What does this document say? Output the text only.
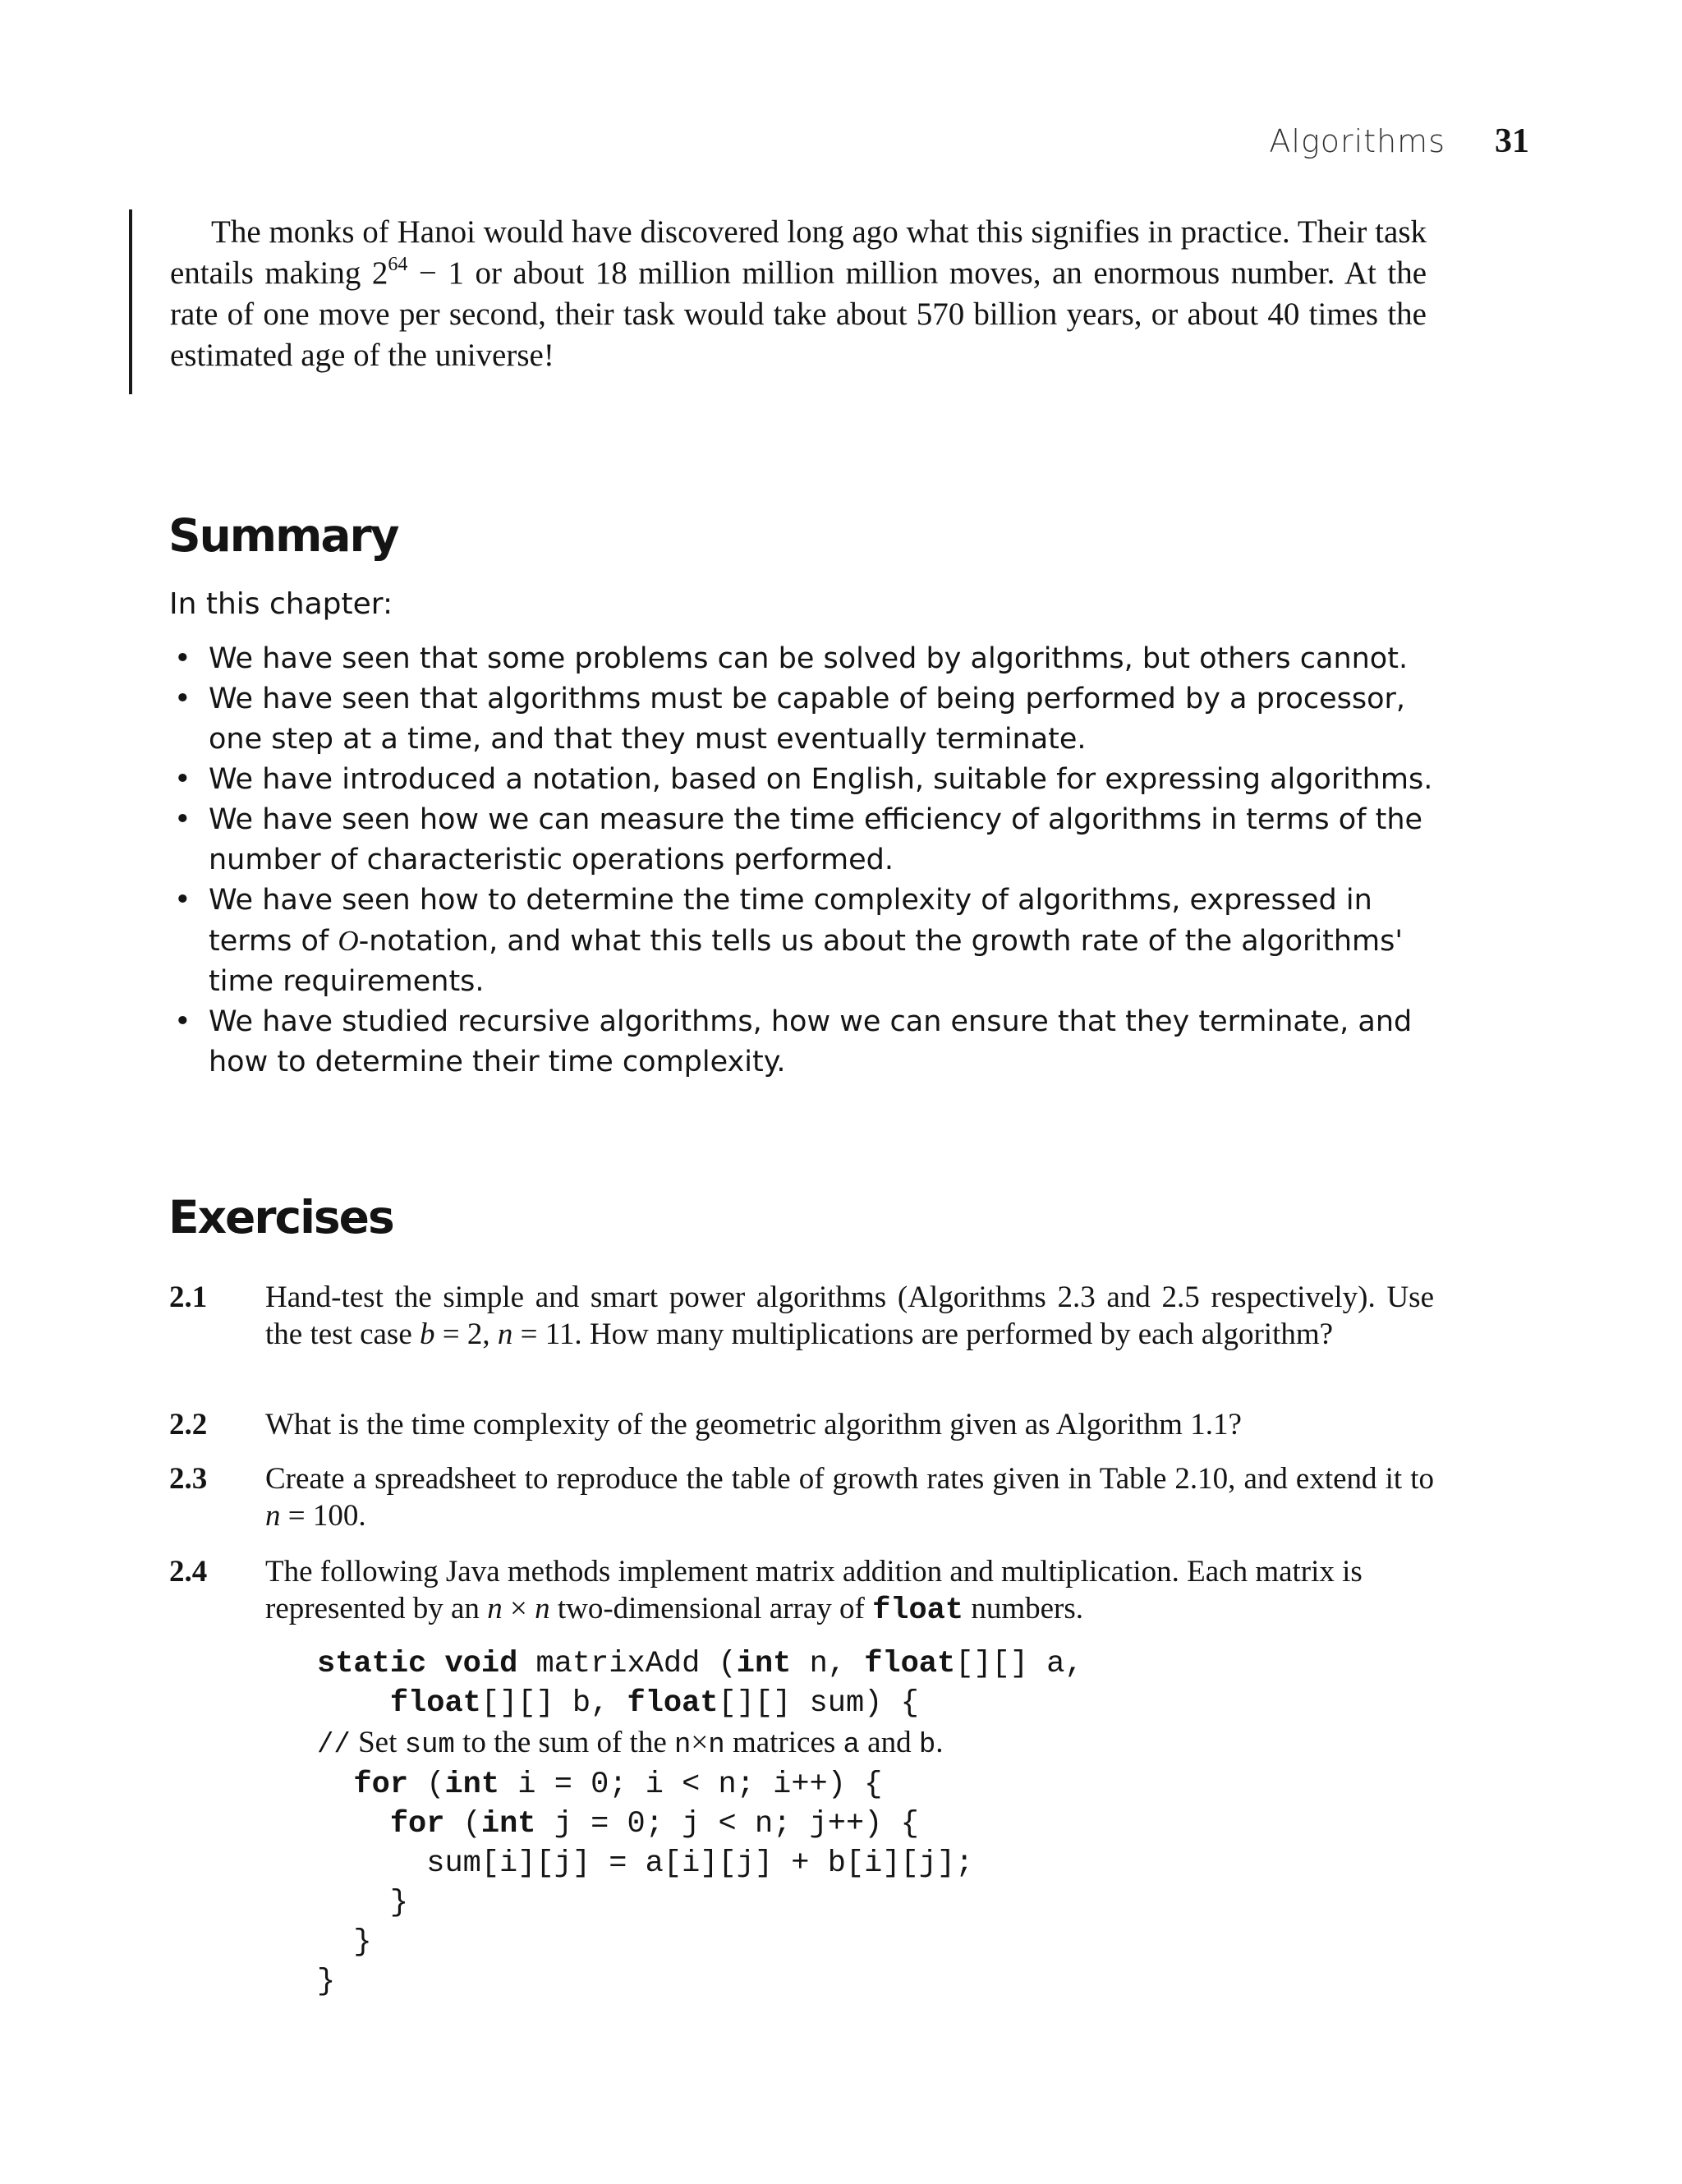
Algorithms	31

The monks of Hanoi would have discovered long ago what this signifies in practice. Their task entails making $2^{64} - 1$ or about 18 million million million moves, an enormous number. At the rate of one move per second, their task would take about 570 billion years, or about 40 times the estimated age of the universe!

Summary
In this chapter:
• We have seen that some problems can be solved by algorithms, but others cannot.
• We have seen that algorithms must be capable of being performed by a processor, one step at a time, and that they must eventually terminate.
• We have introduced a notation, based on English, suitable for expressing algorithms.
• We have seen how we can measure the time efficiency of algorithms in terms of the number of characteristic operations performed.
• We have seen how to determine the time complexity of algorithms, expressed in terms of O-notation, and what this tells us about the growth rate of the algorithms' time requirements.
• We have studied recursive algorithms, how we can ensure that they terminate, and how to determine their time complexity.
Exercises
2.1 Hand-test the simple and smart power algorithms (Algorithms 2.3 and 2.5 respectively). Use the test case b = 2, n = 11. How many multiplications are performed by each algorithm?
2.2 What is the time complexity of the geometric algorithm given as Algorithm 1.1?
2.3 Create a spreadsheet to reproduce the table of growth rates given in Table 2.10, and extend it to n = 100.
2.4 The following Java methods implement matrix addition and multiplication. Each matrix is represented by an n × n two-dimensional array of float numbers.
static void matrixAdd (int n, float[][] a,
float[][] b, float[][] sum) {
// Set sum to the sum of the n×n matrices a and b.
for (int i = 0; i < n; i++) {
for (int j = 0; j < n; j++) {
sum[i][j] = a[i][j] + b[i][j];
}
}
}
